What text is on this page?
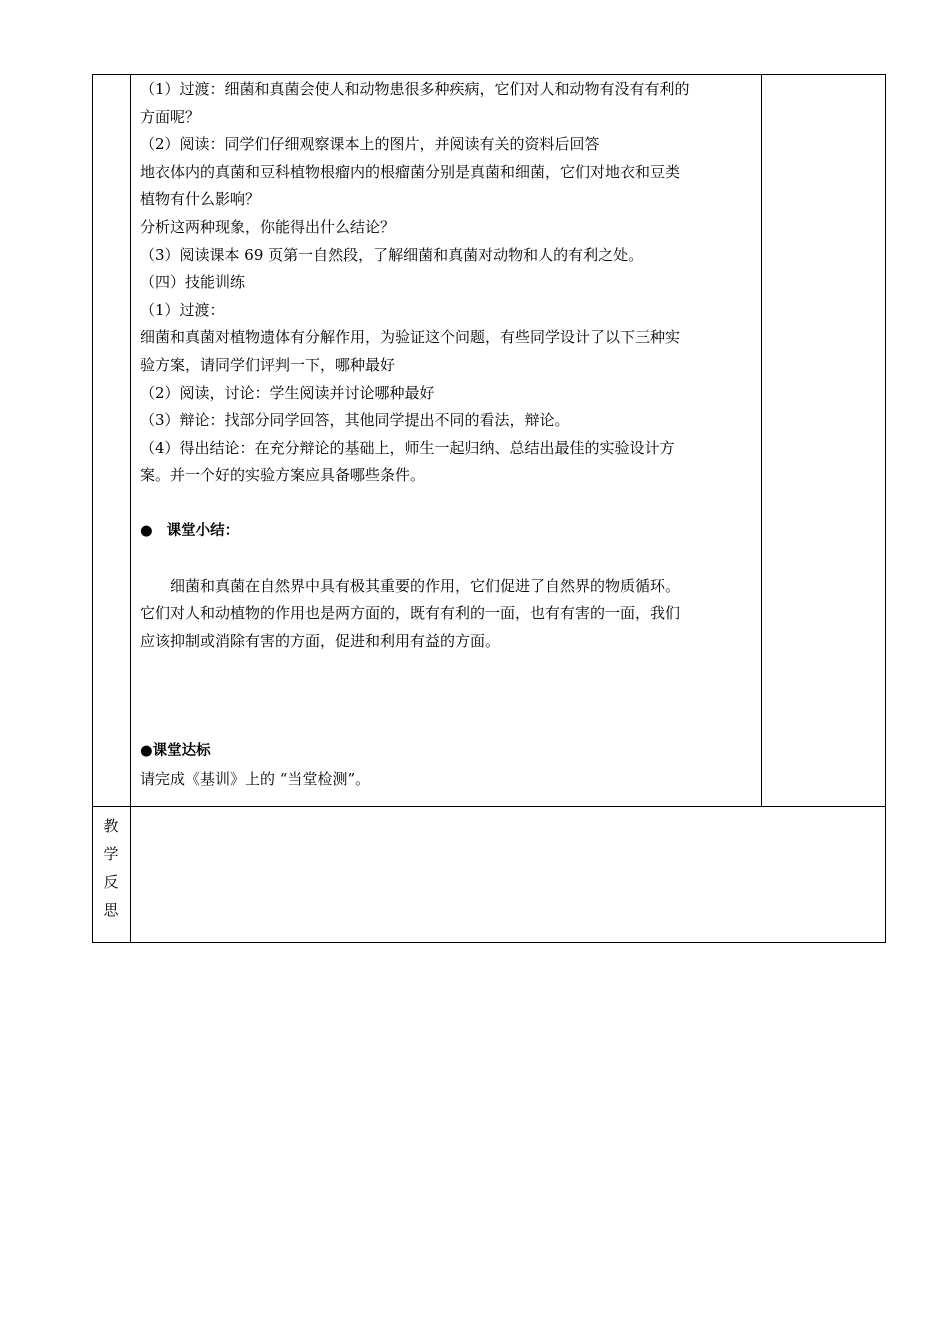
（1）过渡：细菌和真菌会使人和动物患很多种疾病，它们对人和动物有没有有利的

方面呢？

（2）阅读：同学们仔细观察课本上的图片，并阅读有关的资料后回答

地衣体内的真菌和豆科植物根瘤内的根瘤菌分别是真菌和细菌，它们对地衣和豆类

植物有什么影响？

分析这两种现象，你能得出什么结论？

（3）阅读课本 69 页第一自然段，了解细菌和真菌对动物和人的有利之处。

（四）技能训练

（1）过渡：

细菌和真菌对植物遗体有分解作用，为验证这个问题，有些同学设计了以下三种实

验方案，请同学们评判一下，哪种最好

（2）阅读，讨论：学生阅读并讨论哪种最好

（3）辩论：找部分同学回答，其他同学提出不同的看法，辩论。

（4）得出结论：在充分辩论的基础上，师生一起归纳、总结出最佳的实验设计方

案。并一个好的实验方案应具备哪些条件。

● 课堂小结：

细菌和真菌在自然界中具有极其重要的作用，它们促进了自然界的物质循环。

它们对人和动植物的作用也是两方面的，既有有利的一面，也有有害的一面，我们

应该抑制或消除有害的方面，促进和利用有益的方面。

●课堂达标

请完成《基训》上的 “当堂检测”。

教
学
反
思
